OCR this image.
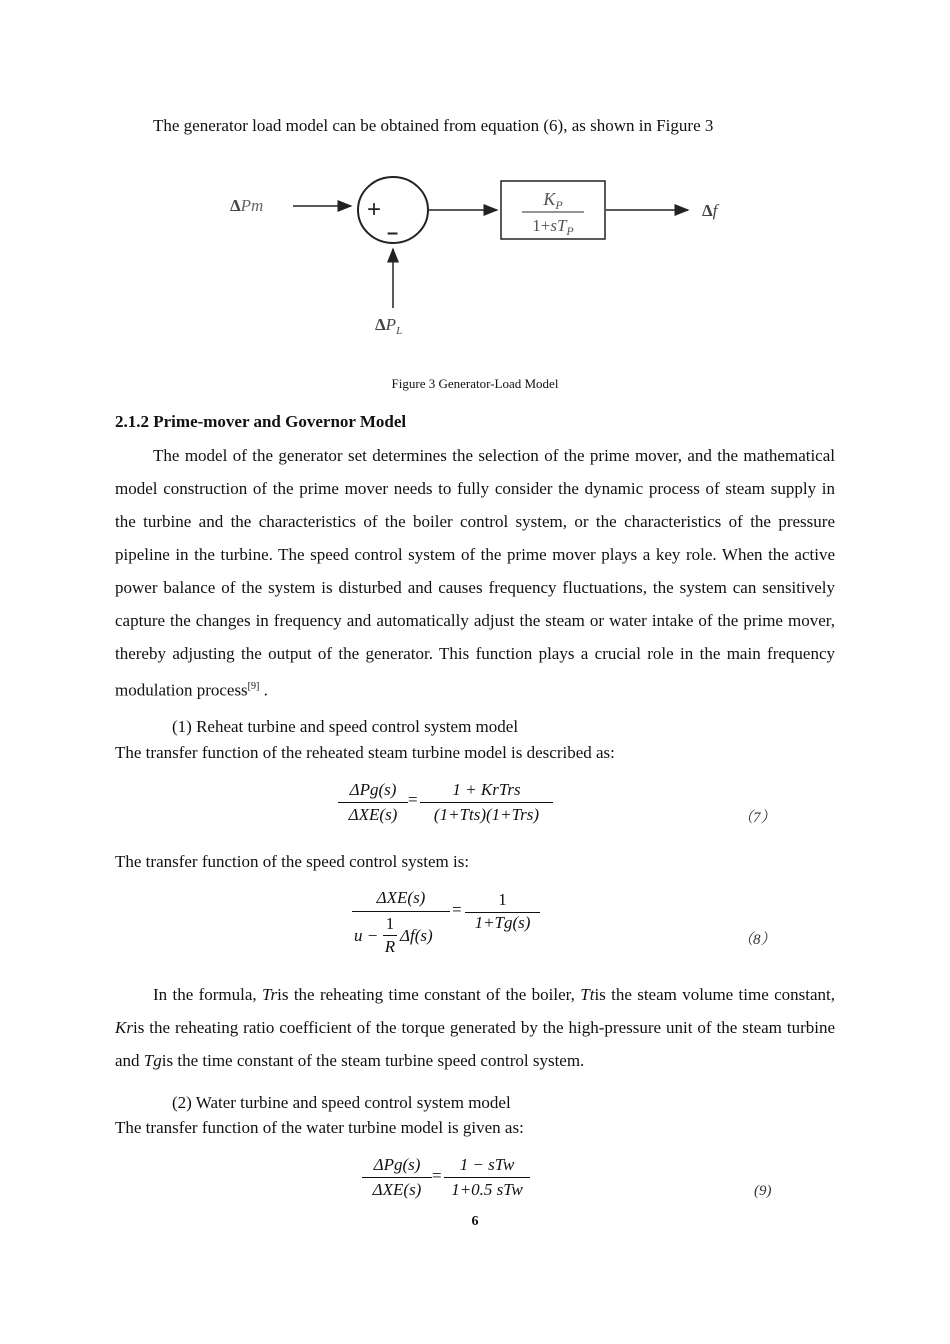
The generator load model can be obtained from equation (6), as shown in Figure 3
ΔPm	+
–
$K_P$
$1+sT_P$
Δf
$\Delta P_L$
Figure 3 Generator-Load Model
2.1.2 Prime-mover and Governor Model
The model of the generator set determines the selection of the prime mover, and the mathematical model construction of the prime mover needs to fully consider the dynamic process of steam supply in the turbine and the characteristics of the boiler control system, or the characteristics of the pressure pipeline in the turbine. The speed control system of the prime mover plays a key role. When the active power balance of the system is disturbed and causes frequency fluctuations, the system can sensitively capture the changes in frequency and automatically adjust the steam or water intake of the prime mover, thereby adjusting the output of the generator. This function plays a crucial role in the main frequency modulation process[9] .
(1) Reheat turbine and speed control system model
The transfer function of the reheated steam turbine model is described as:
ΔPg(s)
ΔXE(s)
=
1 + KrTrs
(1+Tts)(1+Trs)	（7）
The transfer function of the speed control system is:
ΔXE(s)
u −
1
R
Δf(s)
=
1
1+Tg(s)
（8）
In the formula, Tris the reheating time constant of the boiler, Ttis the steam volume time constant, Kris the reheating ratio coefficient of the torque generated by the high-pressure unit of the steam turbine and Tgis the time constant of the steam turbine speed control system.
(2) Water turbine and speed control system model
The transfer function of the water turbine model is given as:
ΔPg(s)
ΔXE(s)
=
1 − sTw
1+0.5 sTw	(9)
6
